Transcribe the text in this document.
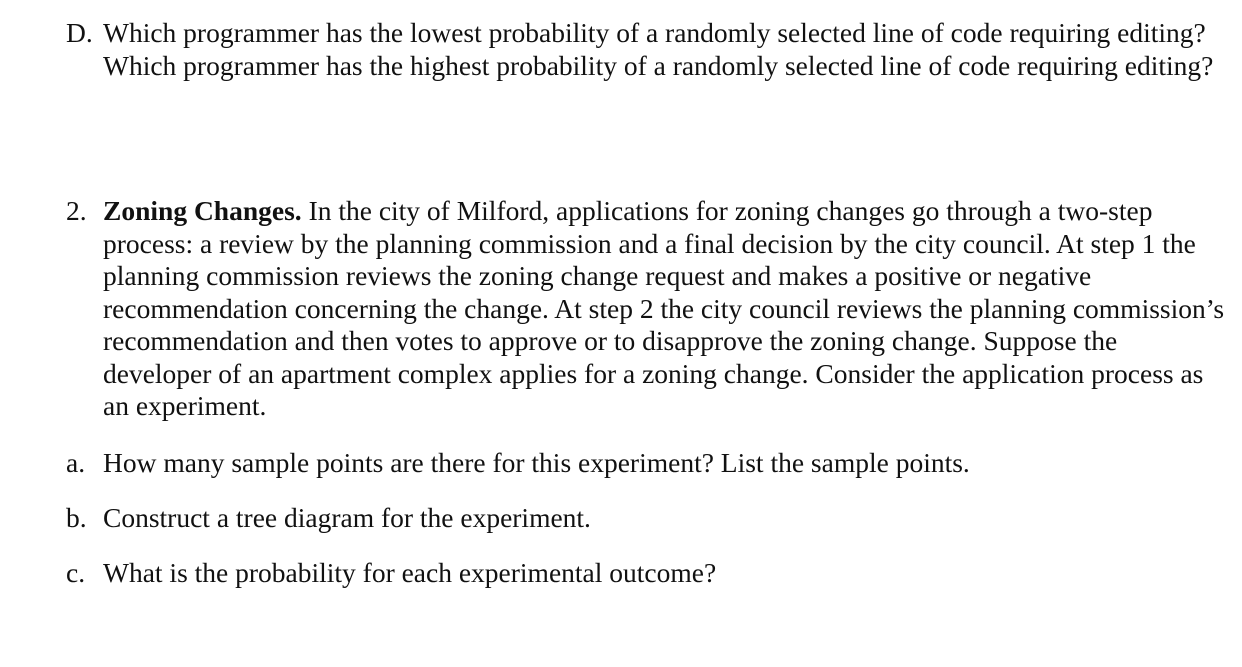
D. Which programmer has the lowest probability of a randomly selected line of code requiring editing? Which programmer has the highest probability of a randomly selected line of code requiring editing?
2. Zoning Changes. In the city of Milford, applications for zoning changes go through a two-step process: a review by the planning commission and a final decision by the city council. At step 1 the planning commission reviews the zoning change request and makes a positive or negative recommendation concerning the change. At step 2 the city council reviews the planning commission’s recommendation and then votes to approve or to disapprove the zoning change. Suppose the developer of an apartment complex applies for a zoning change. Consider the application process as an experiment.
a. How many sample points are there for this experiment? List the sample points.
b. Construct a tree diagram for the experiment.
c. What is the probability for each experimental outcome?
